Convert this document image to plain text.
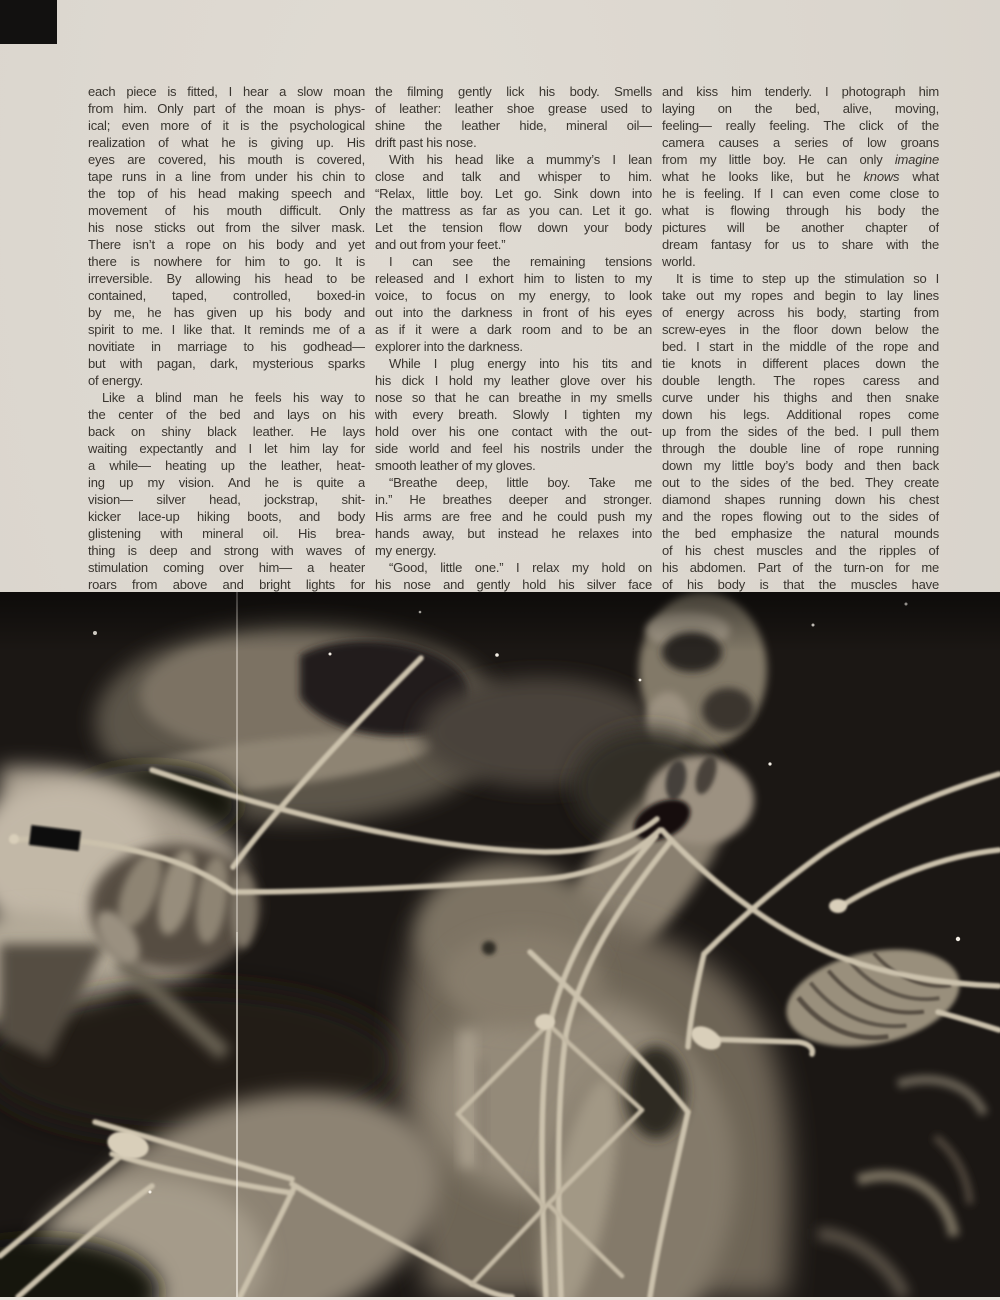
each piece is fitted, I hear a slow moan
from him. Only part of the moan is phys-
ical; even more of it is the psychological
realization of what he is giving up. His
eyes are covered, his mouth is covered,
tape runs in a line from under his chin to
the top of his head making speech and
movement of his mouth difficult. Only
his nose sticks out from the silver mask.
There isn’t a rope on his body and yet
there is nowhere for him to go. It is
irreversible. By allowing his head to be
contained, taped, controlled, boxed-in
by me, he has given up his body and
spirit to me. I like that. It reminds me of a
novitiate in marriage to his godhead—
but with pagan, dark, mysterious sparks
of energy.
Like a blind man he feels his way to
the center of the bed and lays on his
back on shiny black leather. He lays
waiting expectantly and I let him lay for
a while— heating up the leather, heat-
ing up my vision. And he is quite a
vision— silver head, jockstrap, shit-
kicker lace-up hiking boots, and body
glistening with mineral oil. His brea-
thing is deep and strong with waves of
stimulation coming over him— a heater
roars from above and bright lights for
the filming gently lick his body. Smells
of leather: leather shoe grease used to
shine the leather hide, mineral oil—
drift past his nose.
With his head like a mummy’s I lean
close and talk and whisper to him.
“Relax, little boy. Let go. Sink down into
the mattress as far as you can. Let it go.
Let the tension flow down your body
and out from your feet.”
I can see the remaining tensions
released and I exhort him to listen to my
voice, to focus on my energy, to look
out into the darkness in front of his eyes
as if it were a dark room and to be an
explorer into the darkness.
While I plug energy into his tits and
his dick I hold my leather glove over his
nose so that he can breathe in my smells
with every breath. Slowly I tighten my
hold over his one contact with the out-
side world and feel his nostrils under the
smooth leather of my gloves.
“Breathe deep, little boy. Take me
in.” He breathes deeper and stronger.
His arms are free and he could push my
hands away, but instead he relaxes into
my energy.
“Good, little one.” I relax my hold on
his nose and gently hold his silver face
and kiss him tenderly. I photograph him
laying on the bed, alive, moving,
feeling— really feeling. The click of the
camera causes a series of low groans
from my little boy. He can only imagine
what he looks like, but he knows what
he is feeling. If I can even come close to
what is flowing through his body the
pictures will be another chapter of
dream fantasy for us to share with the
world.
It is time to step up the stimulation so I
take out my ropes and begin to lay lines
of energy across his body, starting from
screw-eyes in the floor down below the
bed. I start in the middle of the rope and
tie knots in different places down the
double length. The ropes caress and
curve under his thighs and then snake
down his legs. Additional ropes come
up from the sides of the bed. I pull them
through the double line of rope running
down my little boy’s body and then back
out to the sides of the bed. They create
diamond shapes running down his chest
and the ropes flowing out to the sides of
the bed emphasize the natural mounds
of his chest muscles and the ripples of
his abdomen. Part of the turn-on for me
of his body is that the muscles have
